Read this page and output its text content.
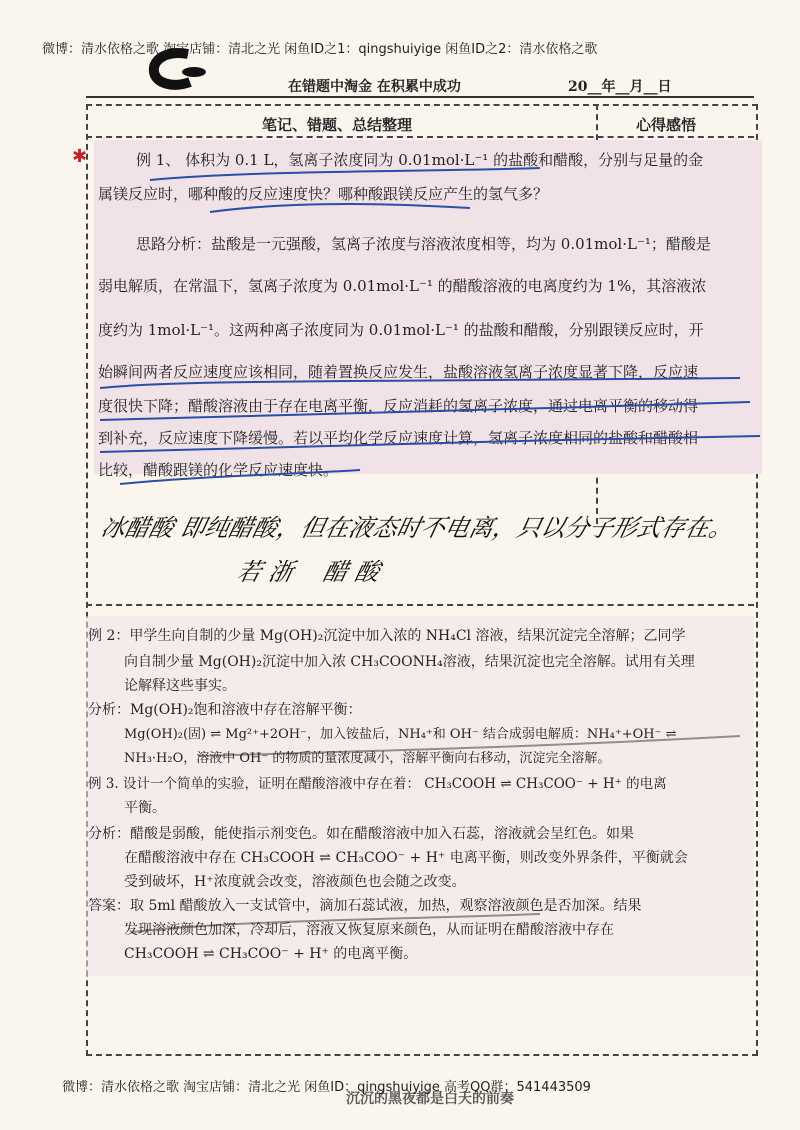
微博：清水依格之歌 淘宝店铺：清北之光 闲鱼ID之1：qingshuiyige 闲鱼ID之2：清水依格之歌
在错题中淘金 在积累中成功	20__年__月__日
笔记、错题、总结整理	心得感悟
✱	例 1、 体积为 0.1 L，氢离子浓度同为 0.01mol·L⁻¹ 的盐酸和醋酸，分别与足量的金
属镁反应时，哪种酸的反应速度快？哪种酸跟镁反应产生的氢气多？
思路分析：盐酸是一元强酸，氢离子浓度与溶液浓度相等，均为 0.01mol·L⁻¹；醋酸是
弱电解质，在常温下，氢离子浓度为 0.01mol·L⁻¹ 的醋酸溶液的电离度约为 1%，其溶液浓
度约为 1mol·L⁻¹。这两种离子浓度同为 0.01mol·L⁻¹ 的盐酸和醋酸，分别跟镁反应时，开
始瞬间两者反应速度应该相同，随着置换反应发生，盐酸溶液氢离子浓度显著下降，反应速
度很快下降；醋酸溶液由于存在电离平衡，反应消耗的氢离子浓度，通过电离平衡的移动得
到补充，反应速度下降缓慢。若以平均化学反应速度计算，氢离子浓度相同的盐酸和醋酸相
比较，醋酸跟镁的化学反应速度快。
冰醋酸 即纯醋酸，但在液态时不电离，只以分子形式存在。
若 浙    醋 酸
例 2：甲学生向自制的少量 Mg(OH)₂沉淀中加入浓的 NH₄Cl 溶液，结果沉淀完全溶解；乙同学
向自制少量 Mg(OH)₂沉淀中加入浓 CH₃COONH₄溶液，结果沉淀也完全溶解。试用有关理
论解释这些事实。
分析：Mg(OH)₂饱和溶液中存在溶解平衡：
Mg(OH)₂(固) ⇌ Mg²⁺+2OH⁻，加入铵盐后，NH₄⁺和 OH⁻ 结合成弱电解质：NH₄⁺+OH⁻ ⇌
NH₃·H₂O，溶液中 OH⁻ 的物质的量浓度减小，溶解平衡向右移动，沉淀完全溶解。
例 3. 设计一个简单的实验，证明在醋酸溶液中存在着： CH₃COOH ⇌ CH₃COO⁻ + H⁺ 的电离
平衡。
分析：醋酸是弱酸，能使指示剂变色。如在醋酸溶液中加入石蕊，溶液就会呈红色。如果
在醋酸溶液中存在 CH₃COOH ⇌ CH₃COO⁻ + H⁺ 电离平衡，则改变外界条件，平衡就会
受到破坏，H⁺浓度就会改变，溶液颜色也会随之改变。
答案：取 5ml 醋酸放入一支试管中，滴加石蕊试液，加热，观察溶液颜色是否加深。结果
发现溶液颜色加深，冷却后，溶液又恢复原来颜色，从而证明在醋酸溶液中存在
CH₃COOH ⇌ CH₃COO⁻ + H⁺ 的电离平衡。
微博：清水依格之歌 淘宝店铺：清北之光 闲鱼ID：qingshuiyige 高考QQ群：541443509
沉沉的黑夜都是白天的前奏
